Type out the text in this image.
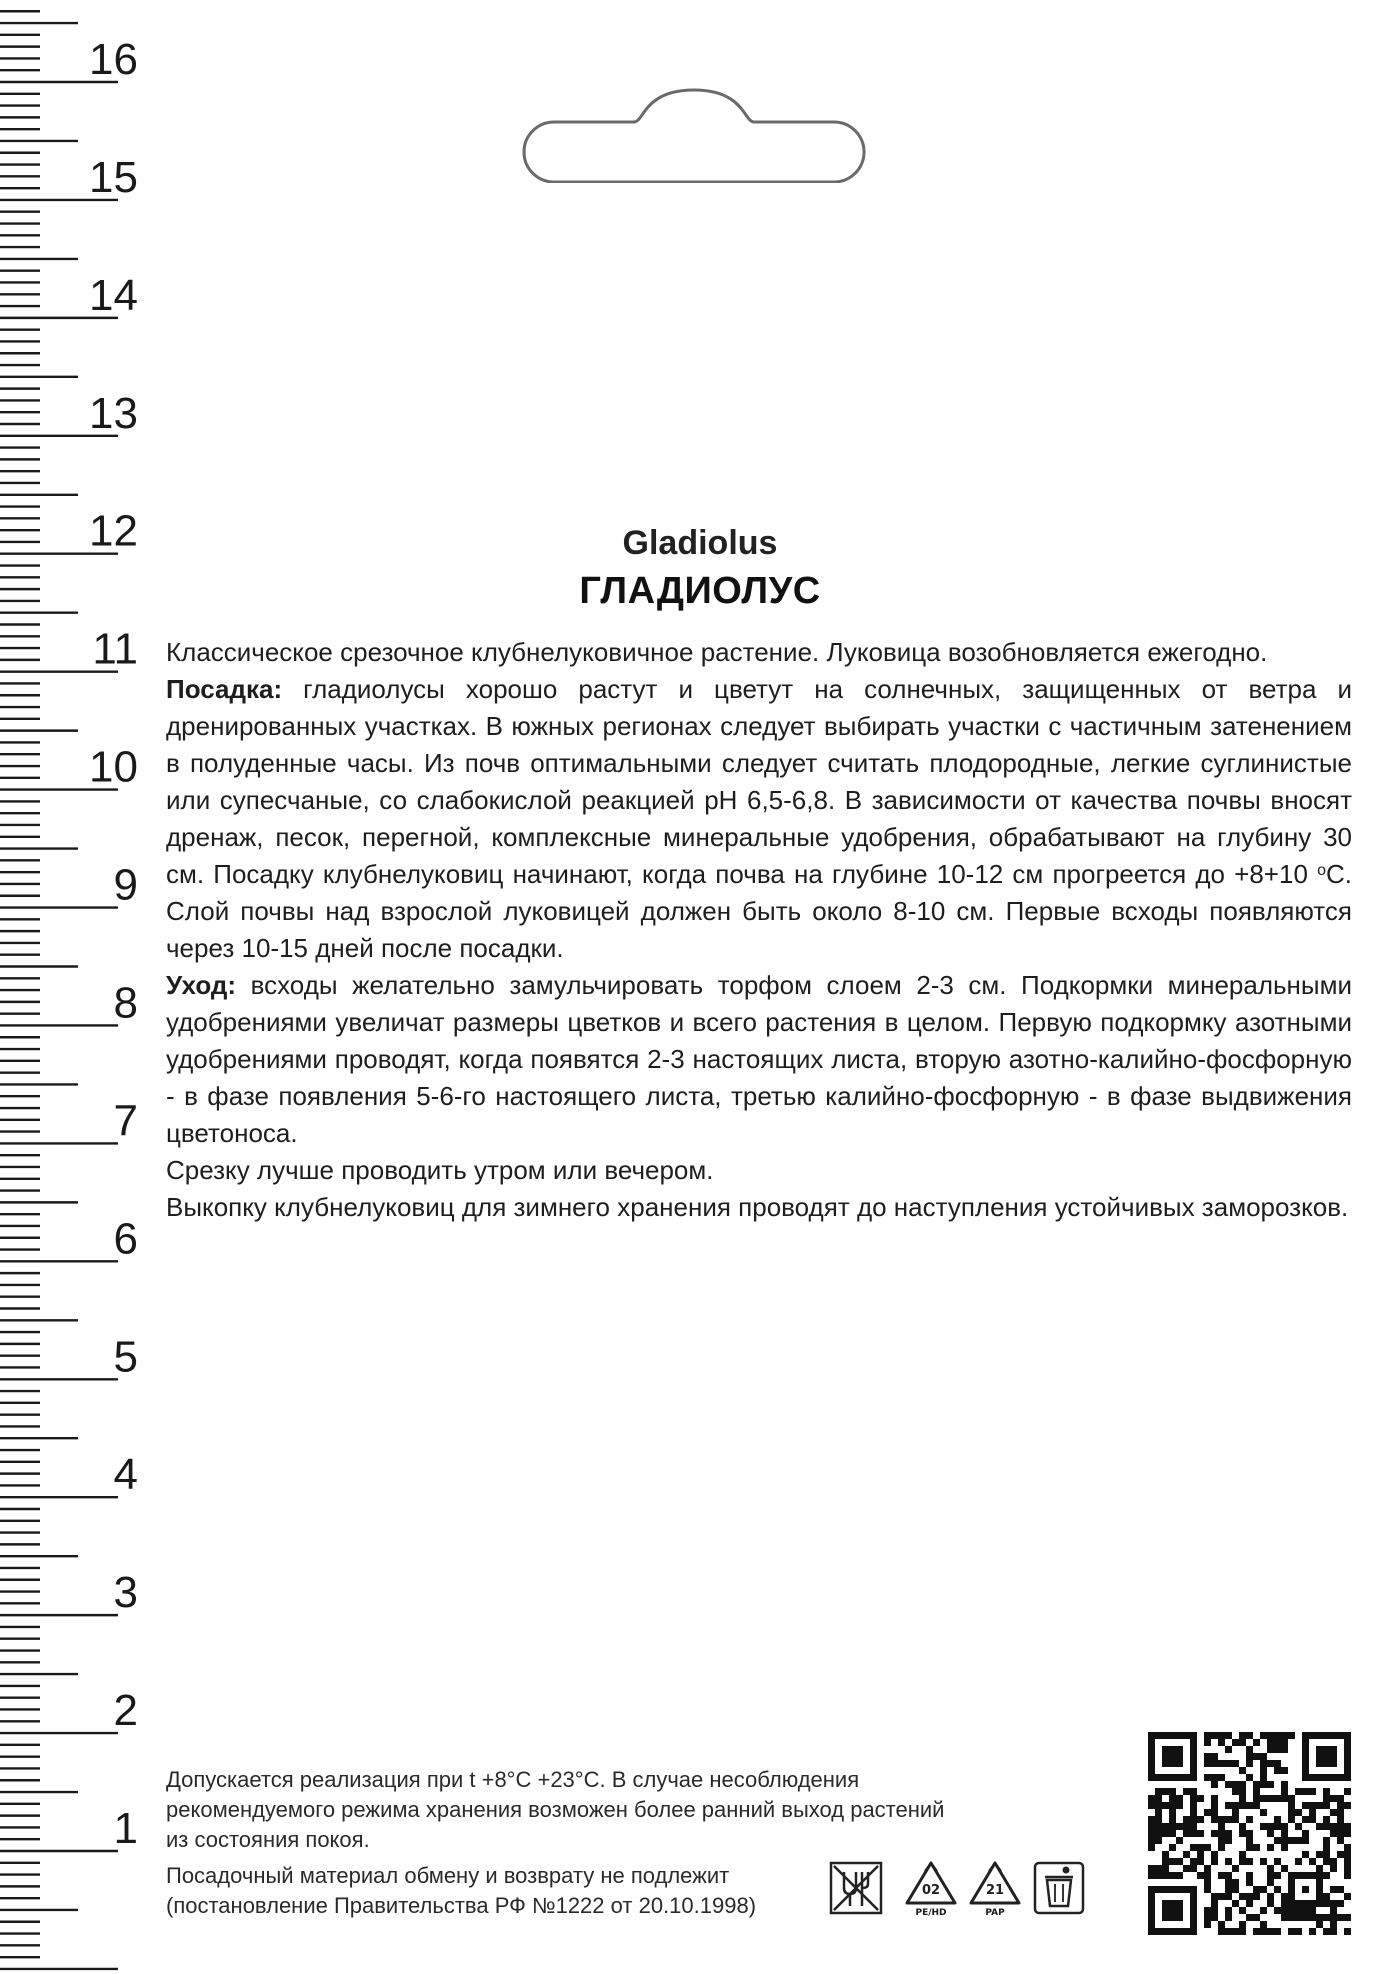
16
15
14
13
12
11
10
9
8
7
6
5
4
3
2
1
Gladiolus
ГЛАДИОЛУС

Классическое срезочное клубнелуковичное растение. Луковица возобновляется ежегодно.

Посадка: гладиолусы хорошо растут и цветут на солнечных, защищенных от ветра и дренированных участках. В южных регионах следует выбирать участки с частичным затенением в полуденные часы. Из почв оптимальными следует считать плодородные, легкие суглинистые или супесчаные, со слабокислой реакцией pH 6,5-6,8. В зависимости от качества почвы вносят дренаж, песок, перегной, комплексные минеральные удобрения, обрабатывают на глубину 30 см. Посадку клубнелуковиц начинают, когда почва на глубине 10-12 см прогреется до +8+10 $^о$С. Слой почвы над взрослой луковицей должен быть около 8-10 см. Первые всходы появляются через 10-15 дней после посадки.

Уход: всходы желательно замульчировать торфом слоем 2-3 см. Подкормки минеральными удобрениями увеличат размеры цветков и всего растения в целом. Первую подкормку азотными удобрениями проводят, когда появятся 2-3 настоящих листа, вторую азотно-калийно-фосфорную - в фазе появления 5-6-го настоящего листа, третью калийно-фосфорную - в фазе выдвижения цветоноса.

Срезку лучше проводить утром или вечером.

Выкопку клубнелуковиц для зимнего хранения проводят до наступления устойчивых заморозков.

Допускается реализация при t +8°С +23°С. В случае несоблюдения

рекомендуемого режима хранения возможен более ранний выход растений

из состояния покоя.

Посадочный материал обмену и возврату не подлежит

(постановление Правительства РФ №1222 от 20.10.1998)

02
PE/HD
21
PAP
